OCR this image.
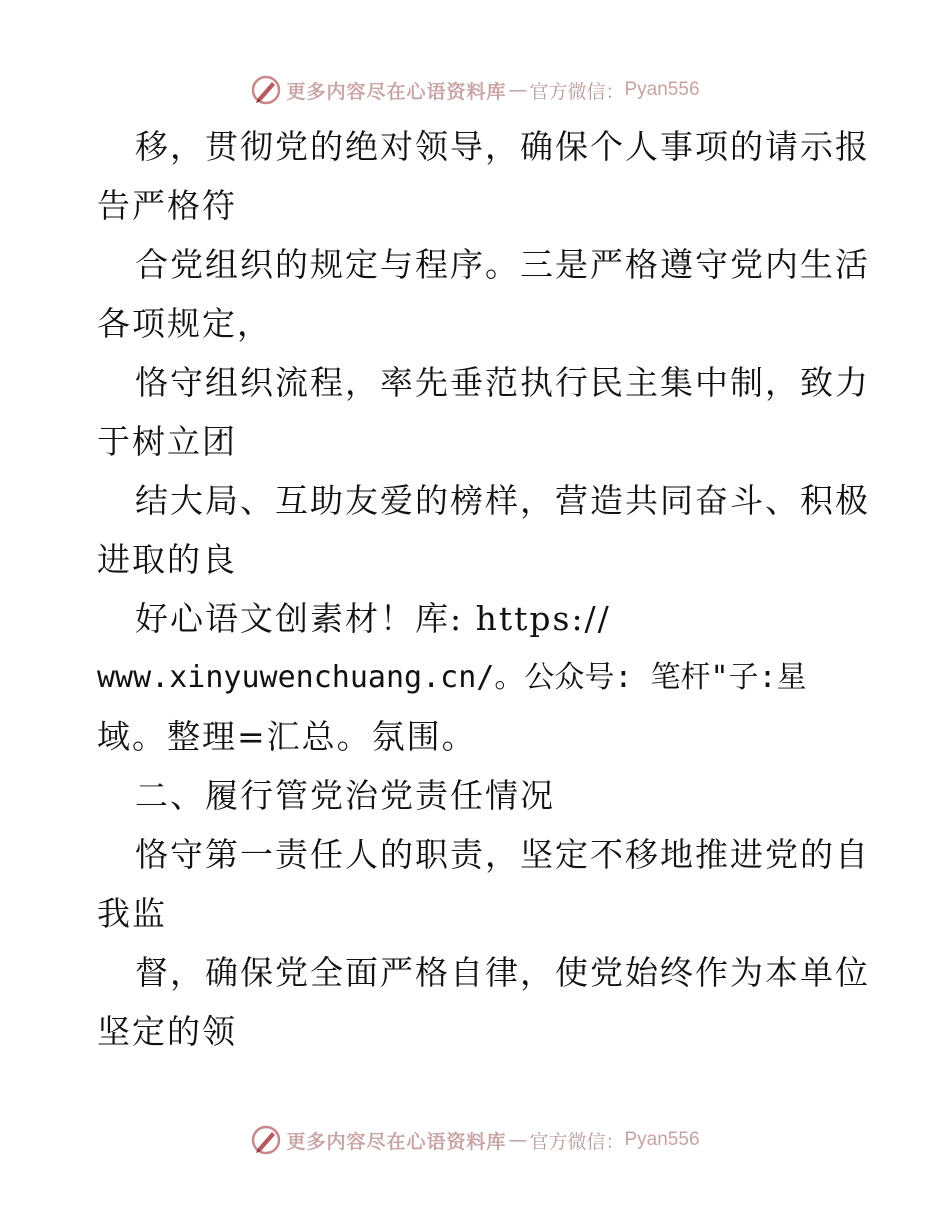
更多内容尽在心语资料库 — 官方微信： Pyan556
移，贯彻党的绝对领导，确保个人事项的请示报
告严格符
合党组织的规定与程序。三是严格遵守党内生活
各项规定，
恪守组织流程，率先垂范执行民主集中制，致力
于树立团
结大局、互助友爱的榜样，营造共同奋斗、积极
进取的良
好心语文创素材！库: https://
www.xinyuwenchuang.cn/。公众号: 笔杆"子:星
域。整理=汇总。氛围。
二、履行管党治党责任情况
恪守第一责任人的职责，坚定不移地推进党的自
我监
督，确保党全面严格自律，使党始终作为本单位
坚定的领
更多内容尽在心语资料库 — 官方微信： Pyan556
